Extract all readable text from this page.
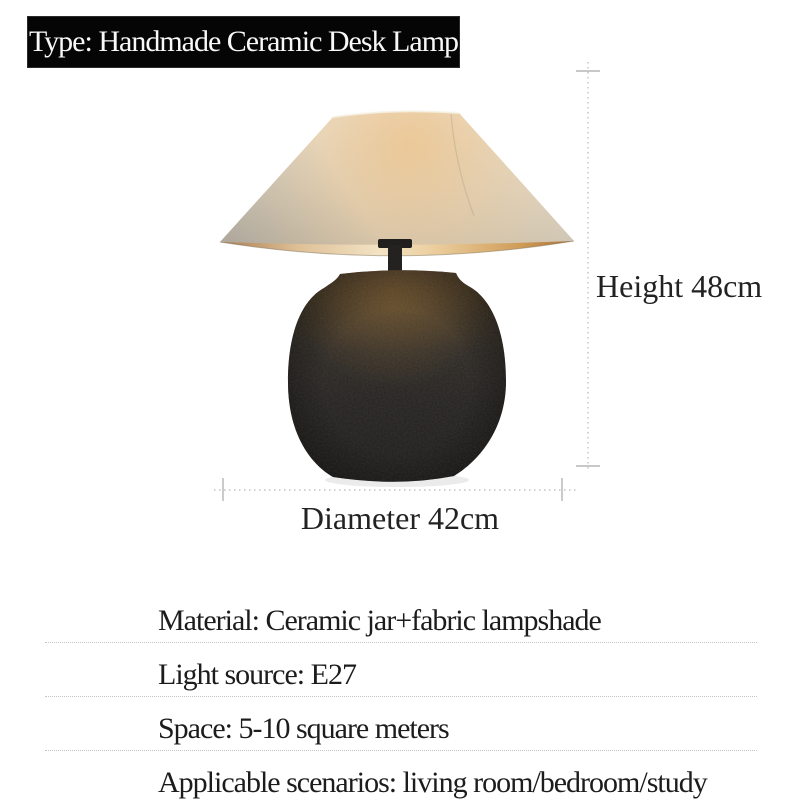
Type: Handmade Ceramic Desk Lamp
Height 48cm
Diameter 42cm
Material: Ceramic jar+fabric lampshade
Light source: E27
Space: 5-10 square meters
Applicable scenarios: living room/bedroom/study
